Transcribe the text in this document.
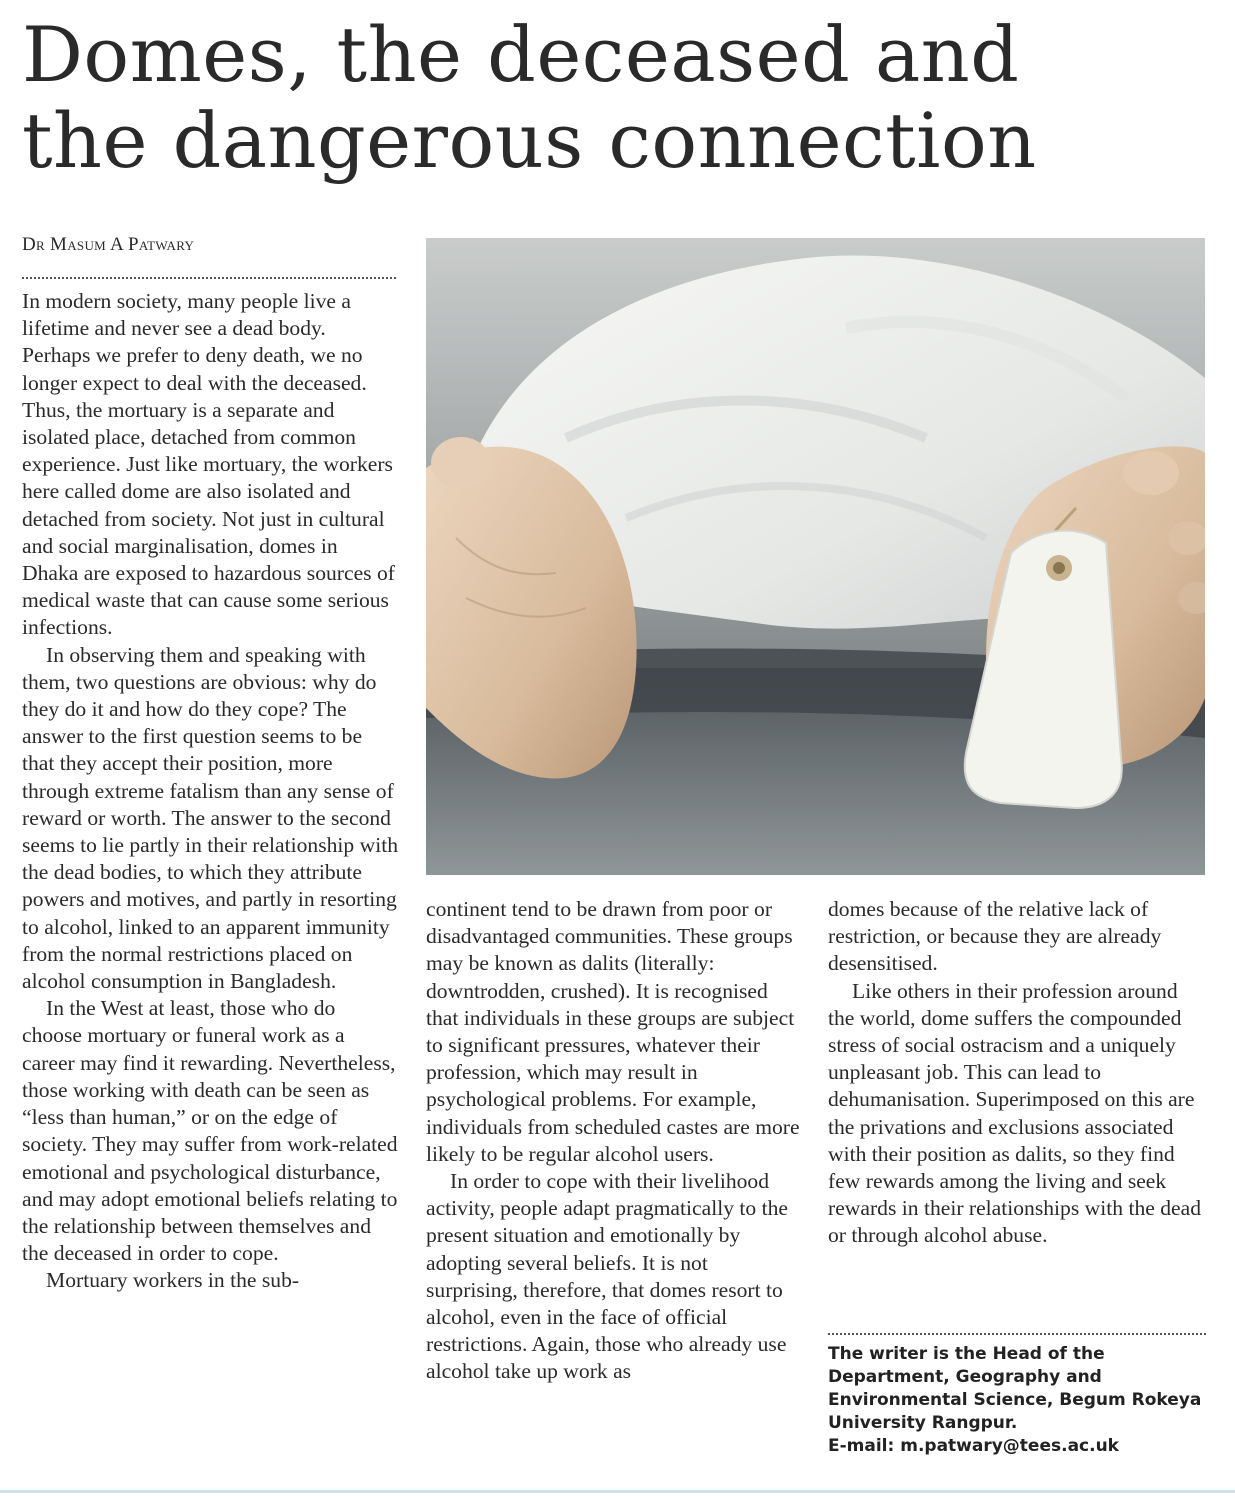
Domes, the deceased and
the dangerous connection
Dr Masum A Patwary

In modern society, many people live a lifetime and never see a dead body. Perhaps we prefer to deny death, we no longer expect to deal with the deceased. Thus, the mortuary is a separate and isolated place, detached from common experience. Just like mortuary, the workers here called dome are also isolated and detached from society. Not just in cultural and social marginalisation, domes in Dhaka are exposed to hazardous sources of medical waste that can cause some serious infections.

In observing them and speaking with them, two questions are obvious: why do they do it and how do they cope? The answer to the first question seems to be that they accept their position, more through extreme fatalism than any sense of reward or worth. The answer to the second seems to lie partly in their relationship with the dead bodies, to which they attribute powers and motives, and partly in resorting to alcohol, linked to an apparent immunity from the normal restrictions placed on alcohol consumption in Bangladesh.

In the West at least, those who do choose mortuary or funeral work as a career may find it rewarding. Nevertheless, those working with death can be seen as “less than human,” or on the edge of society. They may suffer from work-related emotional and psychological disturbance, and may adopt emotional beliefs relating to the relationship between themselves and the deceased in order to cope.

Mortuary workers in the sub-

continent tend to be drawn from poor or disadvantaged communities. These groups may be known as dalits (literally: downtrodden, crushed). It is recognised that individuals in these groups are subject to significant pressures, whatever their profession, which may result in psychological problems. For example, individuals from scheduled castes are more likely to be regular alcohol users.

In order to cope with their livelihood activity, people adapt pragmatically to the present situation and emotionally by adopting several beliefs. It is not surprising, therefore, that domes resort to alcohol, even in the face of official restrictions. Again, those who already use alcohol take up work as

domes because of the relative lack of restriction, or because they are already desensitised.

Like others in their profession around the world, dome suffers the compounded stress of social ostracism and a uniquely unpleasant job. This can lead to dehumanisation. Superimposed on this are the privations and exclusions associated with their position as dalits, so they find few rewards among the living and seek rewards in their relationships with the dead or through alcohol abuse.

The writer is the Head of the Department, Geography and Environmental Science, Begum Rokeya University Rangpur.

E-mail: m.patwary@tees.ac.uk
